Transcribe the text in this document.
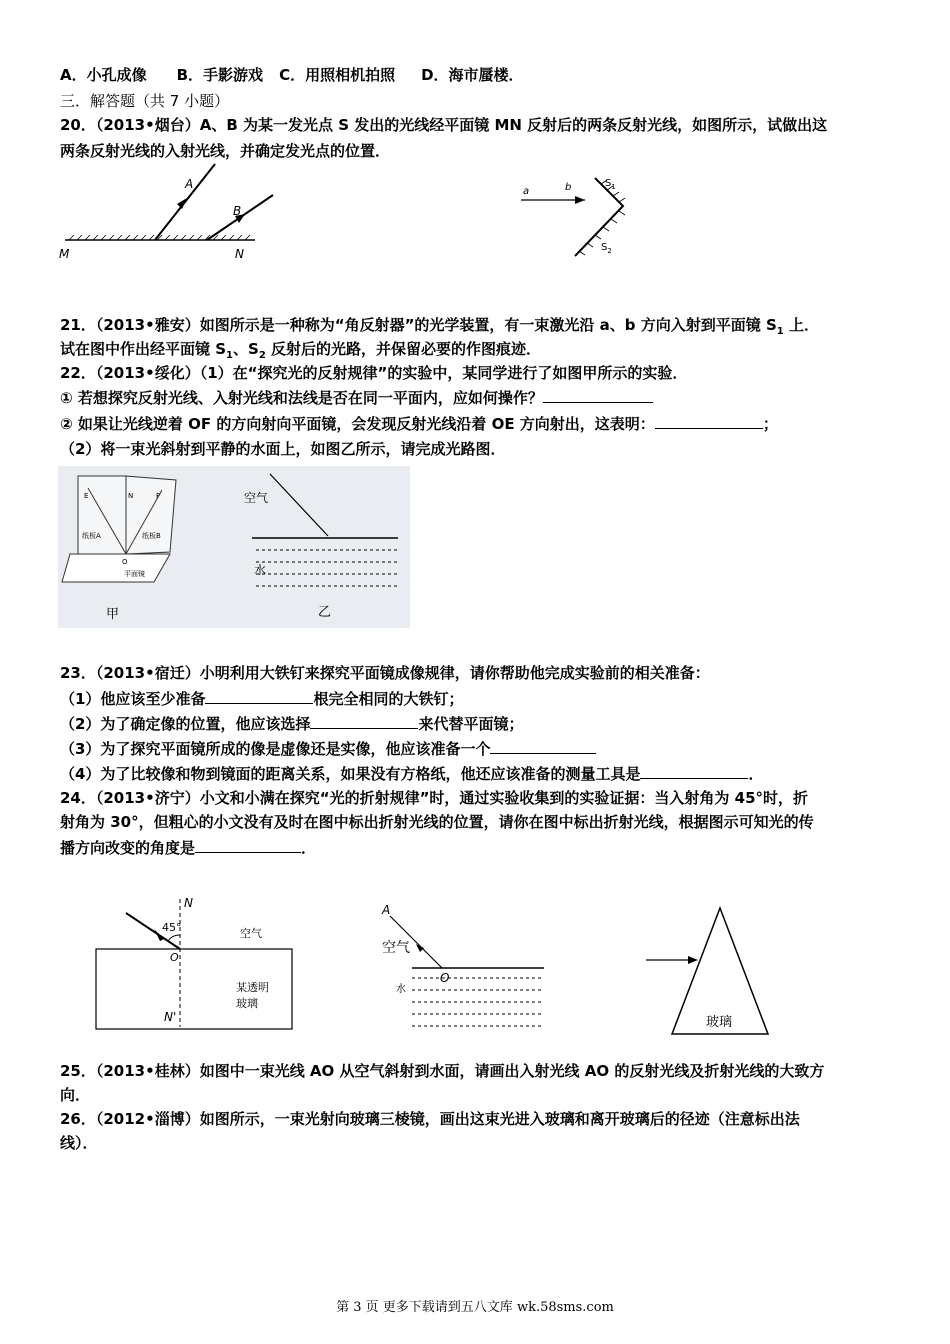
A．小孔成像 B．手影游戏 C．用照相机拍照 D．海市蜃楼．
三．解答题（共 7 小题）
20．（2013•烟台）A、B 为某一发光点 S 发出的光线经平面镜 MN 反射后的两条反射光线，如图所示，试做出这
两条反射光线的入射光线，并确定发光点的位置．
A
B
M	N
a	b	$S_1$
$S_2$
21．（2013•雅安）如图所示是一种称为“角反射器”的光学装置，有一束激光沿 a、b 方向入射到平面镜 $S_1$ 上．
试在图中作出经平面镜 $S_1$、$S_2$ 反射后的光路，并保留必要的作图痕迹．
22．（2013•绥化）（1）在“探究光的反射规律”的实验中，某同学进行了如图甲所示的实验．
① 若想探究反射光线、入射光线和法线是否在同一平面内，应如何操作？
② 如果让光线逆着 OF 的方向射向平面镜，会发现反射光线沿着 OE 方向射出，这表明：	；
（2）将一束光斜射到平静的水面上，如图乙所示，请完成光路图．
E	N	F
纸板A	纸板B
O
平面镜
甲
空气
水
乙
23．（2013•宿迁）小明利用大铁钉来探究平面镜成像规律，请你帮助他完成实验前的相关准备：
（1）他应该至少准备	根完全相同的大铁钉；
（2）为了确定像的位置，他应该选择	来代替平面镜；
（3）为了探究平面镜所成的像是虚像还是实像，他应该准备一个
（4）为了比较像和物到镜面的距离关系，如果没有方格纸，他还应该准备的测量工具是	．
24．（2013•济宁）小文和小满在探究“光的折射规律”时，通过实验收集到的实验证据：当入射角为 45°时，折
射角为 30°，但粗心的小文没有及时在图中标出折射光线的位置，请你在图中标出折射光线，根据图示可知光的传
播方向改变的角度是	．
N
45°	空气
O
某透明
玻璃
N'
A
空气
O
水
玻璃
25．（2013•桂林）如图中一束光线 AO 从空气斜射到水面，请画出入射光线 AO 的反射光线及折射光线的大致方
向．
26．（2012•淄博）如图所示，一束光射向玻璃三棱镜，画出这束光进入玻璃和离开玻璃后的径迹（注意标出法
线）．
第 3 页 更多下载请到五八文库 wk.58sms.com
